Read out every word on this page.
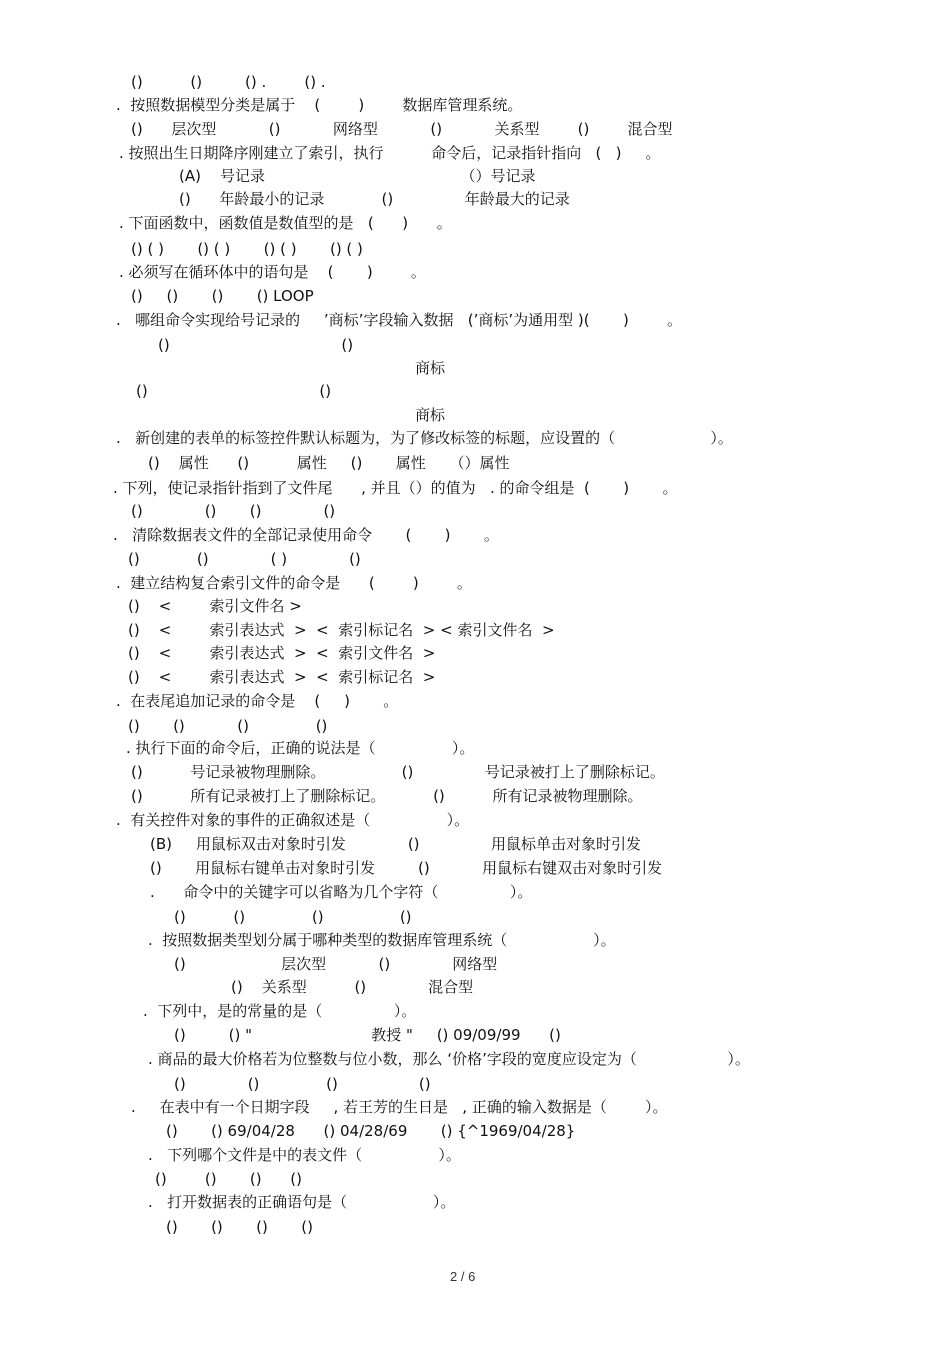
()          ()         () .        () .
.  按照数据模型分类是属于    (        )        数据库管理系统。
()      层次型           ()           网络型           ()           关系型        ()        混合型
. 按照出生日期降序刚建立了索引，执行          命令后，记录指针指向   (   )     。
(A)    号记录                                         （）号记录
()      年龄最小的记录            ()               年龄最大的记录
. 下面函数中，函数值是数值型的是   (      )      。
() ( )       () ( )       () ( )       () ( )
. 必须写在循环体中的语句是    (       )        。
()     ()       ()       () LOOP
.   哪组命令实现给号记录的     ’商标’字段输入数据   (’商标’为通用型 )(       )        。
()                                    ()
商标
()                                    ()
商标
.   新创建的表单的标签控件默认标题为，为了修改标签的标题，应设置的（                    ）。
()    属性      ()          属性     ()       属性     （）属性
. 下列，使记录指针指到了文件尾      , 并且（）的值为   . 的命令组是  (       )       。
()             ()       ()             ()
.   清除数据表文件的全部记录使用命令       (       )       。
()            ()             ( )             ()
.  建立结构复合索引文件的命令是      (        )        。
()    <        索引文件名 >
()    <        索引表达式  >  <  索引标记名  > < 索引文件名  >
()    <        索引表达式  >  <  索引文件名  >
()    <        索引表达式  >  <  索引标记名  >
.  在表尾追加记录的命令是    (     )       。
()       ()           ()              ()
. 执行下面的命令后，正确的说法是（                ）。
()          号记录被物理删除。                ()               号记录被打上了删除标记。
()          所有记录被打上了删除标记。          ()          所有记录被物理删除。
.  有关控件对象的事件的正确叙述是（                ）。
(B)     用鼠标双击对象时引发             ()               用鼠标单击对象时引发
()       用鼠标右键单击对象时引发         ()           用鼠标右键双击对象时引发
.      命令中的关键字可以省略为几个字符（               ）。
()          ()              ()                ()
.  按照数据类型划分属于哪种类型的数据库管理系统（                  ）。
()                    层次型           ()             网络型
()    关系型          ()             混合型
.  下列中，是的常量的是（               ）。
()         () "                         教授 "     () 09/09/99      ()
. 商品的最大价格若为位整数与位小数，那么 ‘价格’字段的宽度应设定为（                   ）。
()             ()              ()                 ()
.     在表中有一个日期字段     , 若王芳的生日是   , 正确的输入数据是（        ）。
()       () 69/04/28      () 04/28/69       () {^1969/04/28}
.   下列哪个文件是中的表文件（                ）。
()        ()       ()      ()
.   打开数据表的正确语句是（                  ）。
()       ()       ()       ()
2 / 6
